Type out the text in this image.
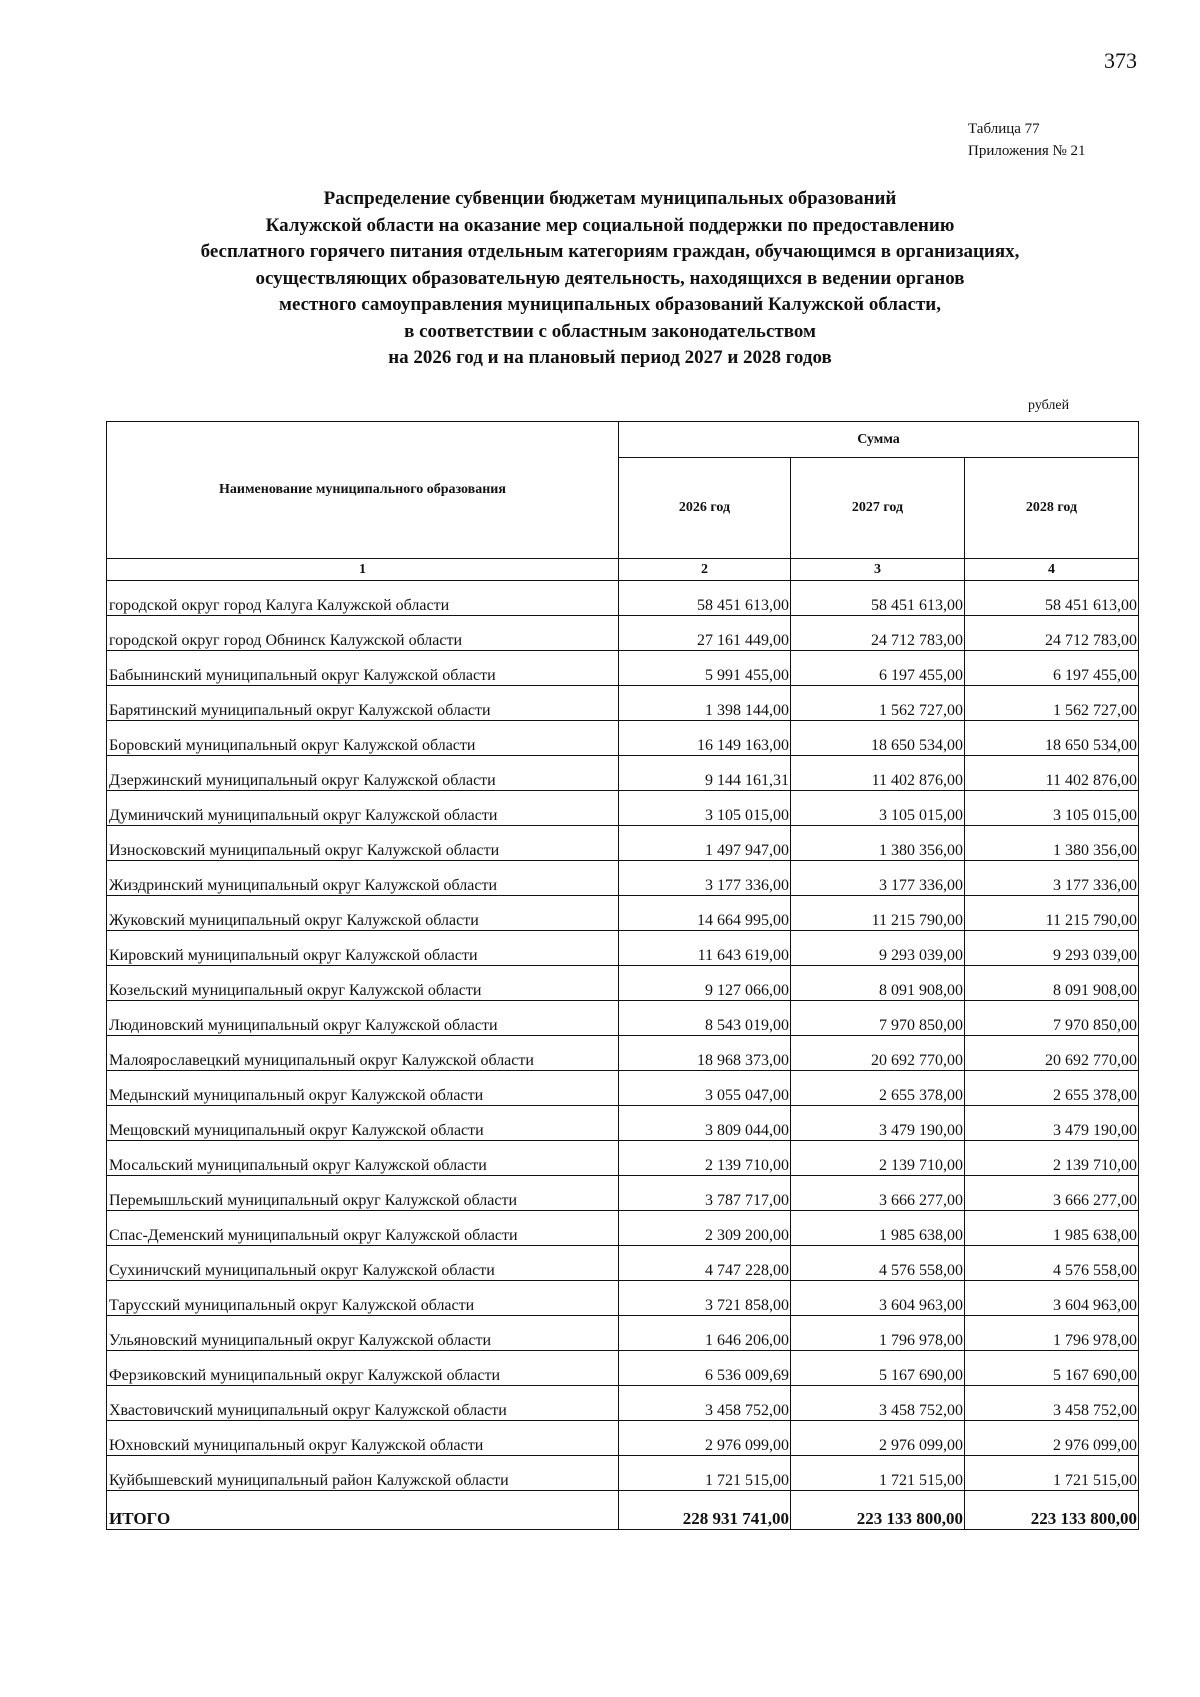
373
Таблица 77
Приложения № 21
Распределение субвенции бюджетам муниципальных образований
Калужской области на оказание мер социальной поддержки по предоставлению
бесплатного горячего питания отдельным категориям граждан, обучающимся в организациях,
осуществляющих образовательную деятельность, находящихся в ведении органов
местного самоуправления муниципальных образований Калужской области,
в соответствии с областным законодательством
на 2026 год и на плановый период 2027 и 2028 годов
рублей
Наименование муниципального образования	Сумма		
	2026 год	2027 год	2028 год
1	2	3	4
городской округ город Калуга Калужской области	58 451 613,00	58 451 613,00	58 451 613,00
городской округ город Обнинск Калужской области	27 161 449,00	24 712 783,00	24 712 783,00
Бабынинский муниципальный округ Калужской области	5 991 455,00	6 197 455,00	6 197 455,00
Барятинский муниципальный округ Калужской области	1 398 144,00	1 562 727,00	1 562 727,00
Боровский муниципальный округ Калужской области	16 149 163,00	18 650 534,00	18 650 534,00
Дзержинский муниципальный округ Калужской области	9 144 161,31	11 402 876,00	11 402 876,00
Думиничский муниципальный округ Калужской области	3 105 015,00	3 105 015,00	3 105 015,00
Износковский муниципальный округ Калужской области	1 497 947,00	1 380 356,00	1 380 356,00
Жиздринский муниципальный округ Калужской области	3 177 336,00	3 177 336,00	3 177 336,00
Жуковский муниципальный округ Калужской области	14 664 995,00	11 215 790,00	11 215 790,00
Кировский муниципальный округ Калужской области	11 643 619,00	9 293 039,00	9 293 039,00
Козельский муниципальный округ Калужской области	9 127 066,00	8 091 908,00	8 091 908,00
Людиновский муниципальный округ Калужской области	8 543 019,00	7 970 850,00	7 970 850,00
Малоярославецкий муниципальный округ Калужской области	18 968 373,00	20 692 770,00	20 692 770,00
Медынский муниципальный округ Калужской области	3 055 047,00	2 655 378,00	2 655 378,00
Мещовский муниципальный округ Калужской области	3 809 044,00	3 479 190,00	3 479 190,00
Мосальский муниципальный округ Калужской области	2 139 710,00	2 139 710,00	2 139 710,00
Перемышльский муниципальный округ Калужской области	3 787 717,00	3 666 277,00	3 666 277,00
Спас-Деменский муниципальный округ Калужской области	2 309 200,00	1 985 638,00	1 985 638,00
Сухиничский муниципальный округ Калужской области	4 747 228,00	4 576 558,00	4 576 558,00
Тарусский муниципальный округ Калужской области	3 721 858,00	3 604 963,00	3 604 963,00
Ульяновский муниципальный округ Калужской области	1 646 206,00	1 796 978,00	1 796 978,00
Ферзиковский муниципальный округ Калужской области	6 536 009,69	5 167 690,00	5 167 690,00
Хвастовичский муниципальный округ Калужской области	3 458 752,00	3 458 752,00	3 458 752,00
Юхновский муниципальный округ Калужской области	2 976 099,00	2 976 099,00	2 976 099,00
Куйбышевский муниципальный район Калужской области	1 721 515,00	1 721 515,00	1 721 515,00
ИТОГО	228 931 741,00	223 133 800,00	223 133 800,00
